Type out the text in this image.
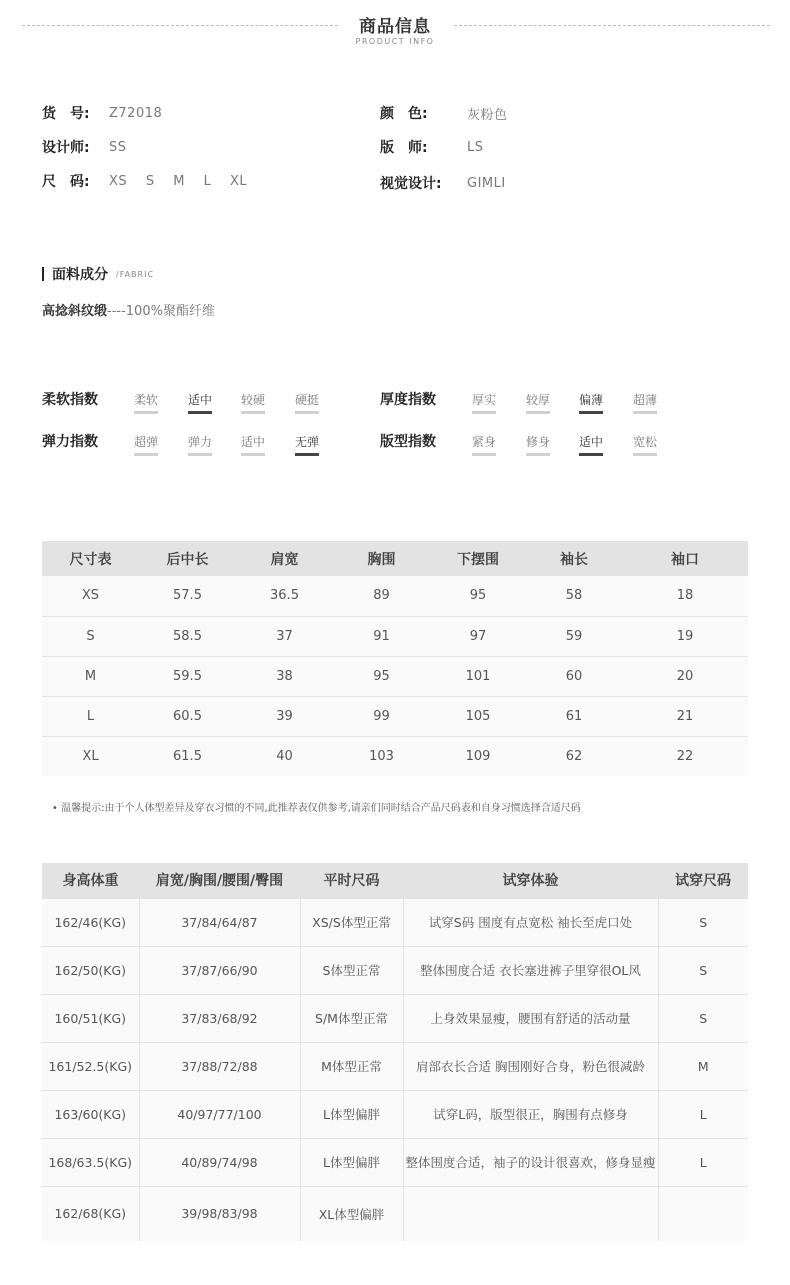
商品信息
PRODUCT INFO
货　号:	Z72018
设计师:	SS
尺　码:	XS S M L XL
颜　色:	灰粉色
版　师:	LS
视觉设计:	GIMLI
面料成分 /FABRIC
高捻斜纹缎----100%聚酯纤维
柔软指数	柔软 适中 较硬 硬挺	厚度指数	厚实 较厚 偏薄 超薄
弹力指数	超弹 弹力 适中 无弹	版型指数	紧身 修身 适中 宽松
尺寸表	后中长	肩宽	胸围	下摆围	袖长	袖口
XS	57.5	36.5	89	95	58	18
S	58.5	37	91	97	59	19
M	59.5	38	95	101	60	20
L	60.5	39	99	105	61	21
XL	61.5	40	103	109	62	22
• 温馨提示:由于个人体型差异及穿衣习惯的不同,此推荐表仅供参考,请亲们同时结合产品尺码表和自身习惯选择合适尺码
身高体重	肩宽/胸围/腰围/臀围	平时尺码	试穿体验	试穿尺码
162/46(KG)	37/84/64/87	XS/S体型正常	试穿S码 围度有点宽松 袖长至虎口处	S
162/50(KG)	37/87/66/90	S体型正常	整体围度合适 衣长塞进裤子里穿很OL风	S
160/51(KG)	37/83/68/92	S/M体型正常	上身效果显瘦，腰围有舒适的活动量	S
161/52.5(KG)	37/88/72/88	M体型正常	肩部衣长合适 胸围刚好合身，粉色很减龄	M
163/60(KG)	40/97/77/100	L体型偏胖	试穿L码，版型很正，胸围有点修身	L
168/63.5(KG)	40/89/74/98	L体型偏胖	整体围度合适，袖子的设计很喜欢，修身显瘦	L
162/68(KG)	39/98/83/98	XL体型偏胖		
